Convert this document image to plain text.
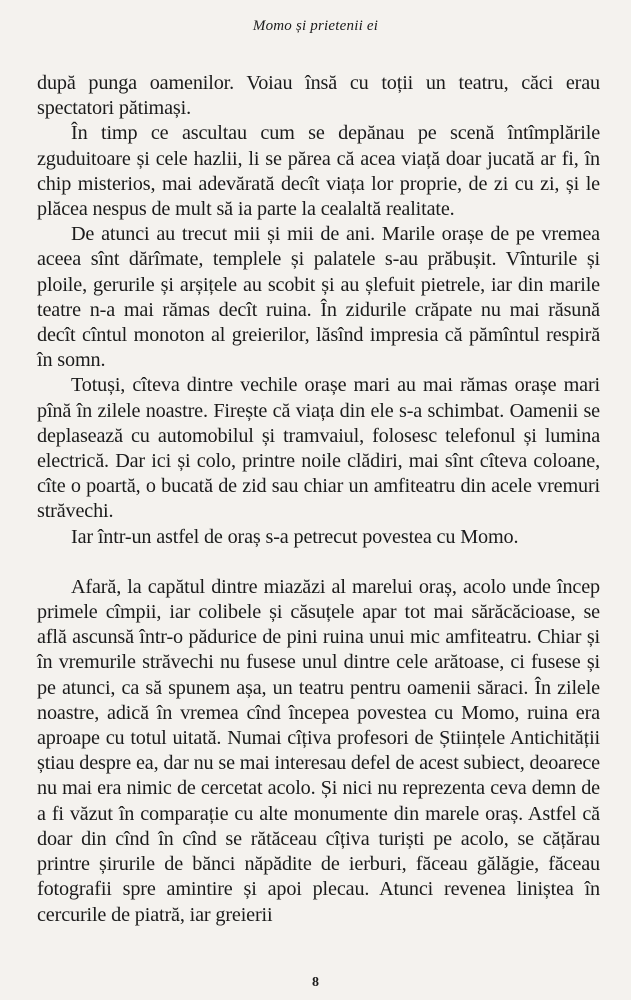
Momo și prietenii ei

după punga oamenilor. Voiau însă cu toții un teatru, căci erau spectatori pătimași.

În timp ce ascultau cum se depănau pe scenă întîmplările zguduitoare și cele hazlii, li se părea că acea viață doar jucată ar fi, în chip misterios, mai adevărată decît viața lor proprie, de zi cu zi, și le plăcea nespus de mult să ia parte la cealaltă realitate.

De atunci au trecut mii și mii de ani. Marile orașe de pe vremea aceea sînt dărîmate, templele și palatele s-au prăbușit. Vînturile și ploile, gerurile și arșițele au scobit și au șlefuit pietrele, iar din marile teatre n-a mai rămas decît ruina. În zidurile crăpate nu mai răsună decît cîntul monoton al greierilor, lăsînd impresia că pămîntul respiră în somn.

Totuși, cîteva dintre vechile orașe mari au mai rămas orașe mari pînă în zilele noastre. Firește că viața din ele s-a schimbat. Oamenii se deplasează cu automobilul și tramvaiul, folosesc telefonul și lumina electrică. Dar ici și colo, printre noile clădiri, mai sînt cîteva coloane, cîte o poartă, o bucată de zid sau chiar un amfiteatru din acele vremuri străvechi.

Iar într-un astfel de oraș s-a petrecut povestea cu Momo.

Afară, la capătul dintre miazăzi al marelui oraș, acolo unde încep primele cîmpii, iar colibele și căsuțele apar tot mai sărăcăcioase, se află ascunsă într-o pădurice de pini ruina unui mic amfiteatru. Chiar și în vremurile străvechi nu fusese unul dintre cele arătoase, ci fusese și pe atunci, ca să spunem așa, un teatru pentru oamenii săraci. În zilele noastre, adică în vremea cînd începea povestea cu Momo, ruina era aproape cu totul uitată. Numai cîțiva profesori de Științele Antichității știau despre ea, dar nu se mai interesau defel de acest subiect, deoarece nu mai era nimic de cercetat acolo. Și nici nu reprezenta ceva demn de a fi văzut în comparație cu alte monumente din marele oraș. Astfel că doar din cînd în cînd se rătăceau cîțiva turiști pe acolo, se cățărau printre șirurile de bănci năpădite de ierburi, făceau gălăgie, făceau fotografii spre amintire și apoi plecau. Atunci revenea liniștea în cercurile de piatră, iar greierii

8
